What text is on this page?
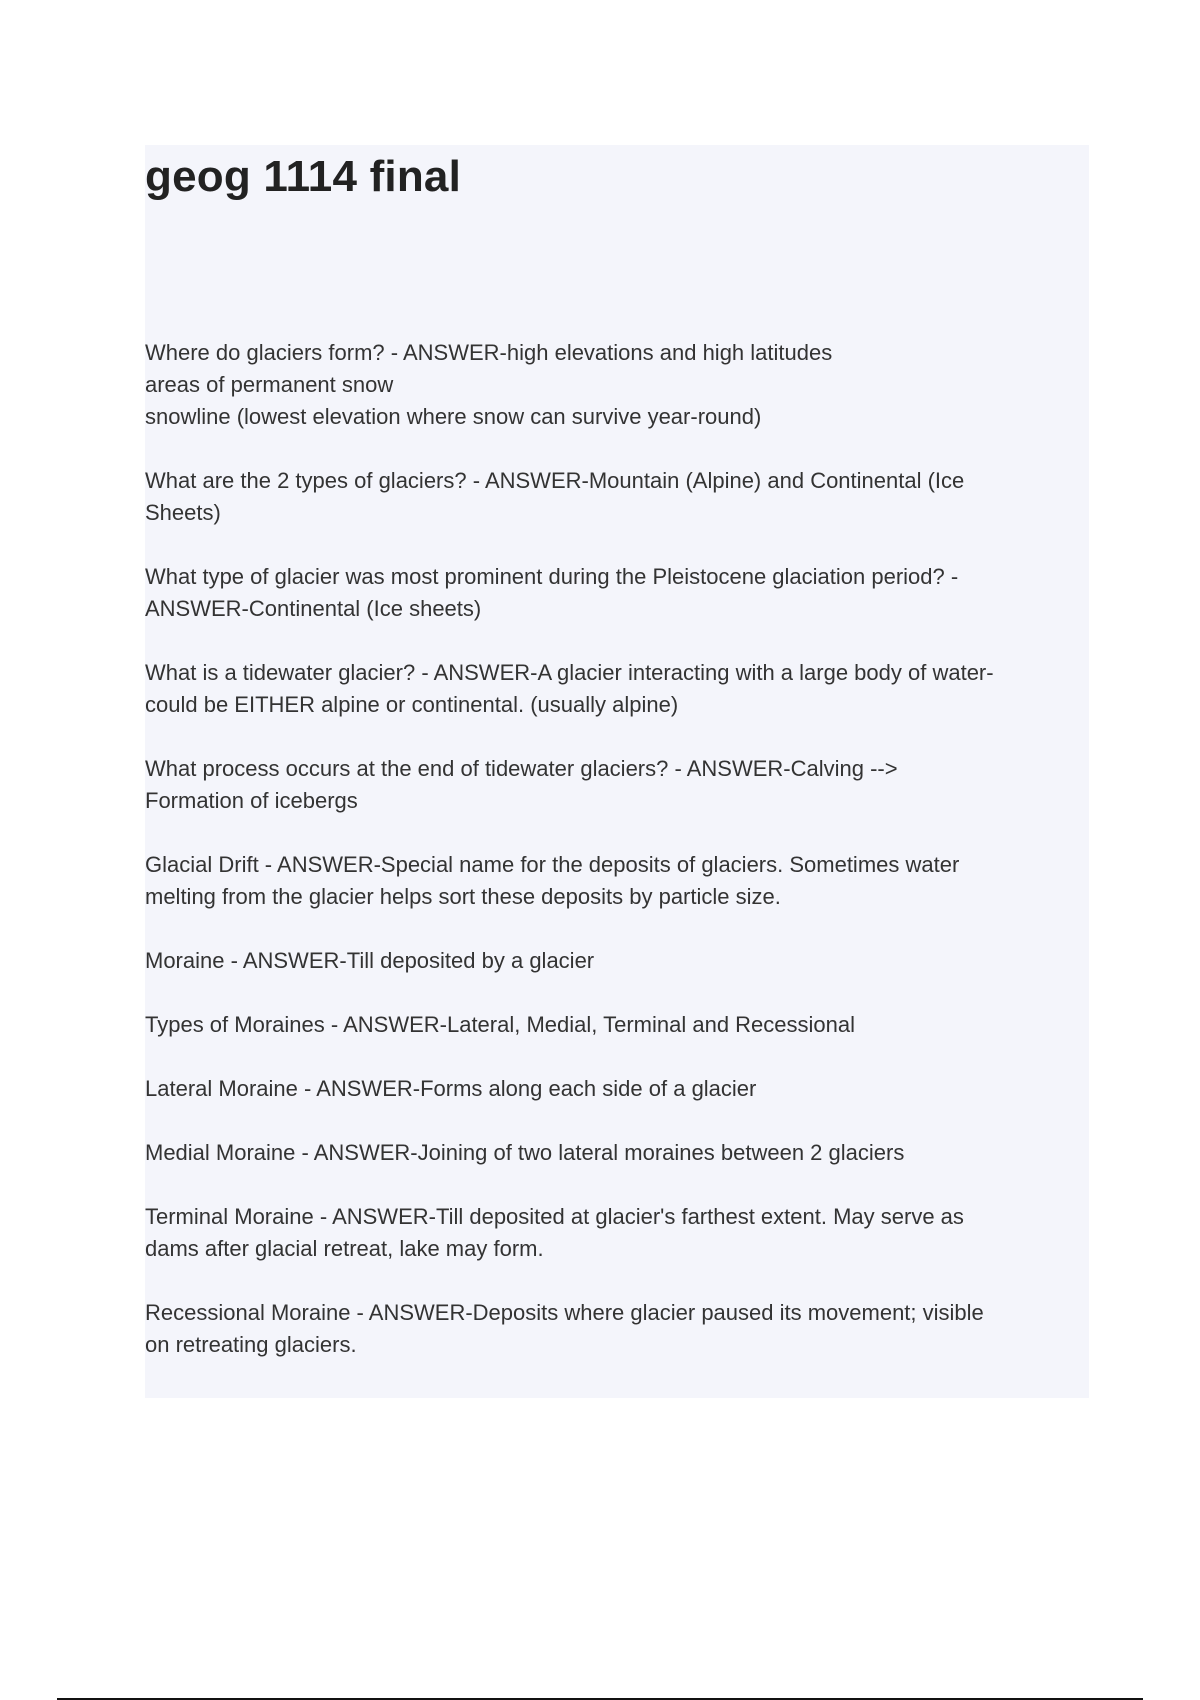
geog 1114 final

Where do glaciers form? - ANSWER-high elevations and high latitudes
areas of permanent snow
snowline (lowest elevation where snow can survive year-round)

What are the 2 types of glaciers? - ANSWER-Mountain (Alpine) and Continental (Ice
Sheets)

What type of glacier was most prominent during the Pleistocene glaciation period? -
ANSWER-Continental (Ice sheets)

What is a tidewater glacier? - ANSWER-A glacier interacting with a large body of water-
could be EITHER alpine or continental. (usually alpine)

What process occurs at the end of tidewater glaciers? - ANSWER-Calving -->
Formation of icebergs

Glacial Drift - ANSWER-Special name for the deposits of glaciers. Sometimes water
melting from the glacier helps sort these deposits by particle size.

Moraine - ANSWER-Till deposited by a glacier

Types of Moraines - ANSWER-Lateral, Medial, Terminal and Recessional

Lateral Moraine - ANSWER-Forms along each side of a glacier

Medial Moraine - ANSWER-Joining of two lateral moraines between 2 glaciers

Terminal Moraine - ANSWER-Till deposited at glacier's farthest extent. May serve as
dams after glacial retreat, lake may form.

Recessional Moraine - ANSWER-Deposits where glacier paused its movement; visible
on retreating glaciers.
